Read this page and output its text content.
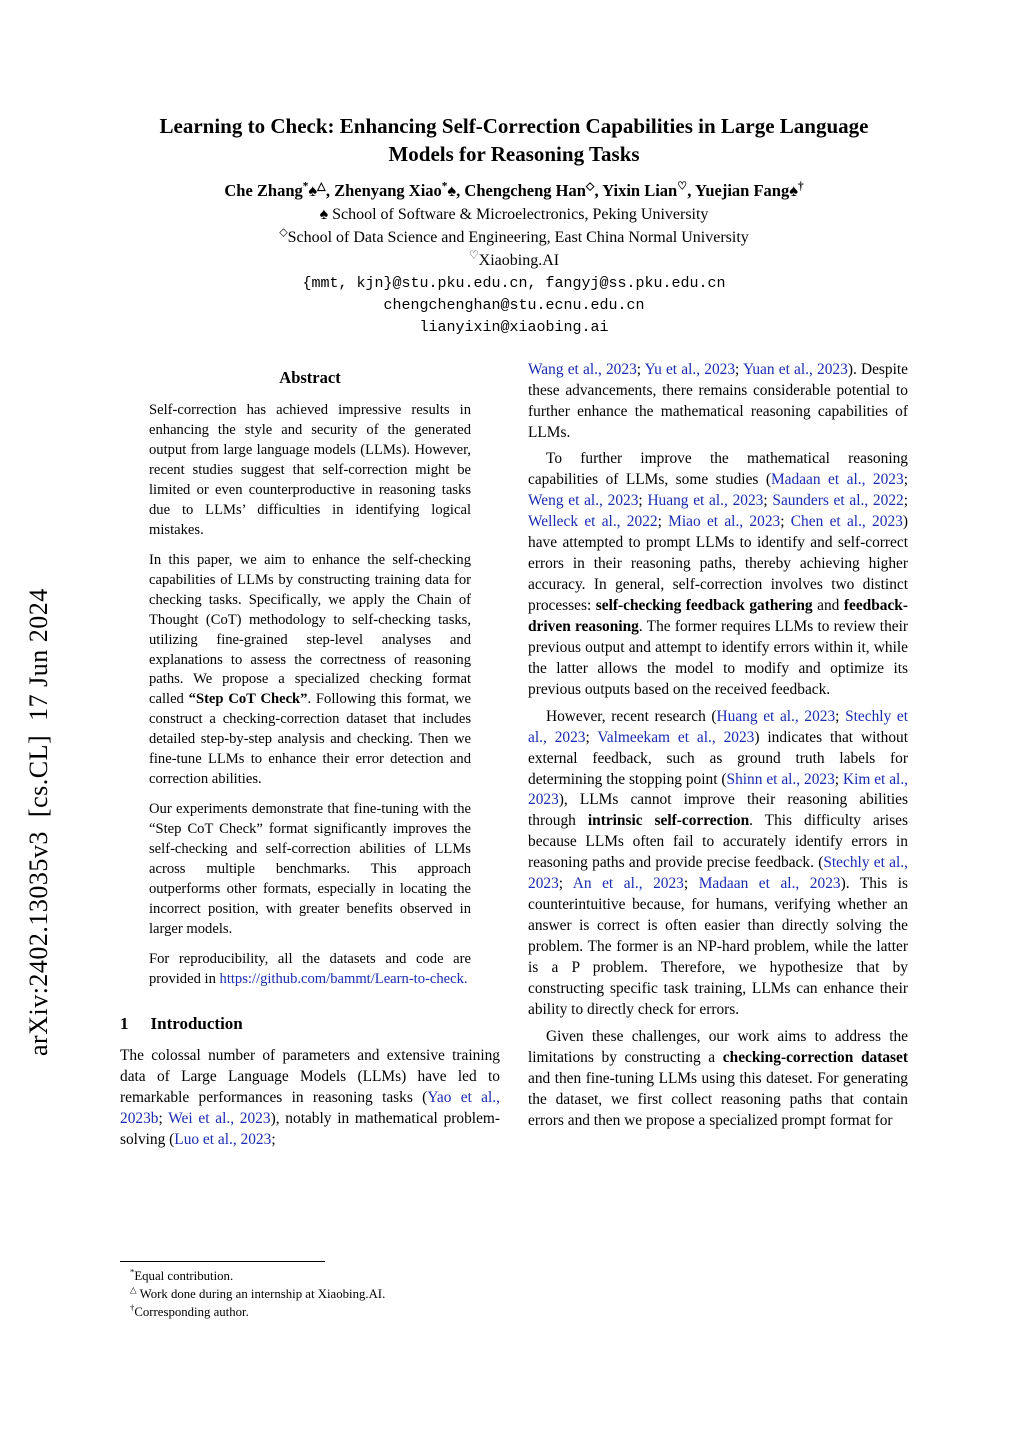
arXiv:2402.13035v3  [cs.CL]  17 Jun 2024
Learning to Check: Enhancing Self-Correction Capabilities in Large Language Models for Reasoning Tasks
Che Zhang*♠△, Zhenyang Xiao*♠, Chengcheng Han◇, Yixin Lian♡, Yuejian Fang♠†
♠ School of Software & Microelectronics, Peking University
◇School of Data Science and Engineering, East China Normal University
♡Xiaobing.AI
{mmt, kjn}@stu.pku.edu.cn, fangyj@ss.pku.edu.cn
chengchenghan@stu.ecnu.edu.cn
lianyixin@xiaobing.ai
Abstract

Self-correction has achieved impressive results in enhancing the style and security of the generated output from large language models (LLMs). However, recent studies suggest that self-correction might be limited or even counterproductive in reasoning tasks due to LLMs’ difficulties in identifying logical mistakes.

In this paper, we aim to enhance the self-checking capabilities of LLMs by constructing training data for checking tasks. Specifically, we apply the Chain of Thought (CoT) methodology to self-checking tasks, utilizing fine-grained step-level analyses and explanations to assess the correctness of reasoning paths. We propose a specialized checking format called “Step CoT Check”. Following this format, we construct a checking-correction dataset that includes detailed step-by-step analysis and checking. Then we fine-tune LLMs to enhance their error detection and correction abilities.

Our experiments demonstrate that fine-tuning with the “Step CoT Check” format significantly improves the self-checking and self-correction abilities of LLMs across multiple benchmarks. This approach outperforms other formats, especially in locating the incorrect position, with greater benefits observed in larger models.

For reproducibility, all the datasets and code are provided in https://github.com/bammt/Learn-to-check.

1 Introduction

The colossal number of parameters and extensive training data of Large Language Models (LLMs) have led to remarkable performances in reasoning tasks (Yao et al., 2023b; Wei et al., 2023), notably in mathematical problem-solving (Luo et al., 2023;

*Equal contribution.

△ Work done during an internship at Xiaobing.AI.

†Corresponding author.

Wang et al., 2023; Yu et al., 2023; Yuan et al., 2023). Despite these advancements, there remains considerable potential to further enhance the mathematical reasoning capabilities of LLMs.

To further improve the mathematical reasoning capabilities of LLMs, some studies (Madaan et al., 2023; Weng et al., 2023; Huang et al., 2023; Saunders et al., 2022; Welleck et al., 2022; Miao et al., 2023; Chen et al., 2023) have attempted to prompt LLMs to identify and self-correct errors in their reasoning paths, thereby achieving higher accuracy. In general, self-correction involves two distinct processes: self-checking feedback gathering and feedback-driven reasoning. The former requires LLMs to review their previous output and attempt to identify errors within it, while the latter allows the model to modify and optimize its previous outputs based on the received feedback.

However, recent research (Huang et al., 2023; Stechly et al., 2023; Valmeekam et al., 2023) indicates that without external feedback, such as ground truth labels for determining the stopping point (Shinn et al., 2023; Kim et al., 2023), LLMs cannot improve their reasoning abilities through intrinsic self-correction. This difficulty arises because LLMs often fail to accurately identify errors in reasoning paths and provide precise feedback. (Stechly et al., 2023; An et al., 2023; Madaan et al., 2023). This is counterintuitive because, for humans, verifying whether an answer is correct is often easier than directly solving the problem. The former is an NP-hard problem, while the latter is a P problem. Therefore, we hypothesize that by constructing specific task training, LLMs can enhance their ability to directly check for errors.

Given these challenges, our work aims to address the limitations by constructing a checking-correction dataset and then fine-tuning LLMs using this dateset. For generating the dataset, we first collect reasoning paths that contain errors and then we propose a specialized prompt format for
